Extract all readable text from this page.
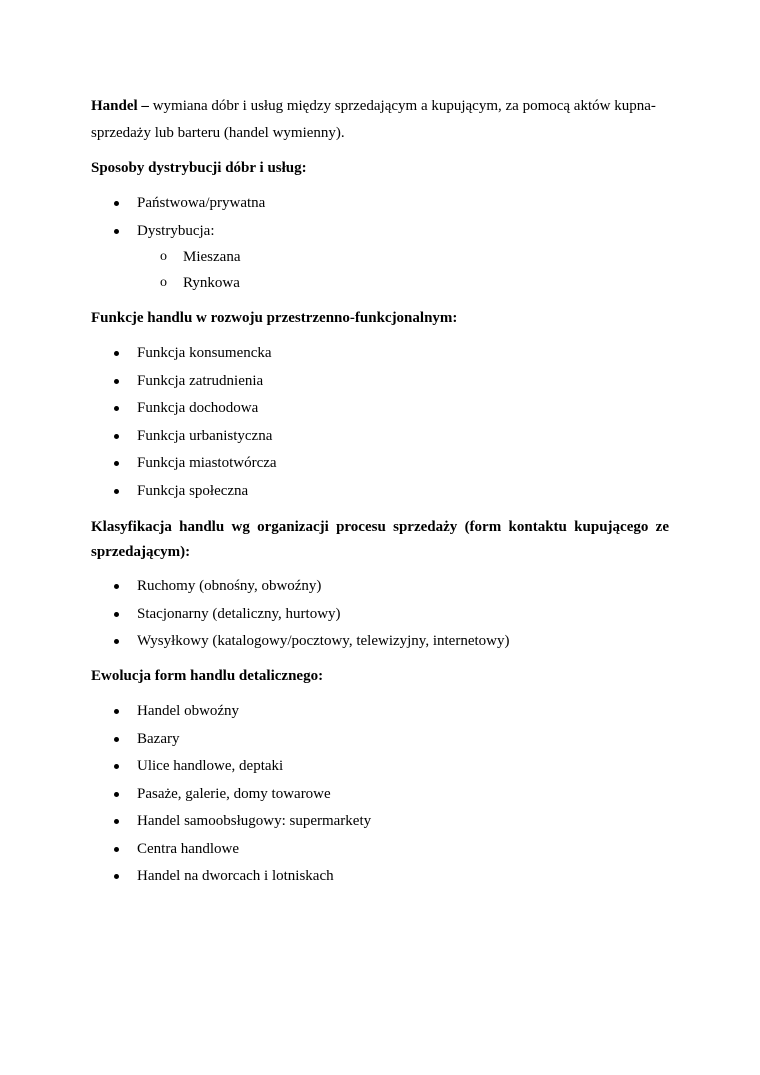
Handel – wymiana dóbr i usług między sprzedającym a kupującym, za pomocą aktów kupna-
sprzedaży lub barteru (handel wymienny).
Sposoby dystrybucji dóbr i usług:
Państwowa/prywatna
Dystrybucja:
o Mieszana
o Rynkowa
Funkcje handlu w rozwoju przestrzenno-funkcjonalnym:
Funkcja konsumencka
Funkcja zatrudnienia
Funkcja dochodowa
Funkcja urbanistyczna
Funkcja miastotwórcza
Funkcja społeczna
Klasyfikacja handlu wg organizacji procesu sprzedaży (form kontaktu kupującego ze
sprzedającym):
Ruchomy (obnośny, obwoźny)
Stacjonarny (detaliczny, hurtowy)
Wysyłkowy (katalogowy/pocztowy, telewizyjny, internetowy)
Ewolucja form handlu detalicznego:
Handel obwoźny
Bazary
Ulice handlowe, deptaki
Pasaże, galerie, domy towarowe
Handel samoobsługowy: supermarkety
Centra handlowe
Handel na dworcach i lotniskach
